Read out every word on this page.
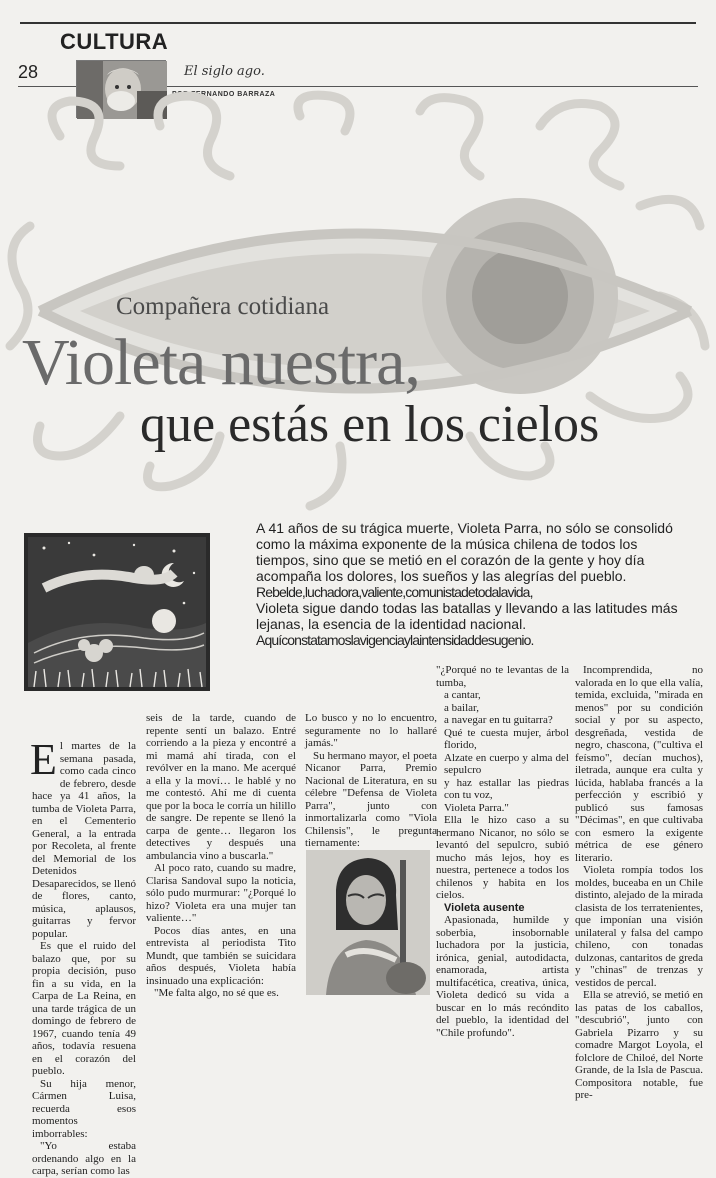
CULTURA
28	El siglo ago.
POR FERNANDO BARRAZA
Compañera cotidiana
Violeta nuestra,
que estás en los cielos

A 41 años de su trágica muerte, Violeta Parra, no sólo se consolidó como la máxima exponente de la música chilena de todos los tiempos, sino que se metió en el corazón de la gente y hoy día acompaña los dolores, los sueños y las alegrías del pueblo.

Rebelde,luchadora,valiente,comunistadetodalavida,

Violeta sigue dando todas las batallas y llevando a las latitudes más lejanas, la esencia de la identidad nacional.

Aquíconstatamoslavigenciaylaintensidaddesugenio.

El martes de la semana pasada, como cada cinco de febrero, desde hace ya 41 años, la tumba de Violeta Parra, en el Cementerio General, a la entrada por Recoleta, al frente del Memorial de los Detenidos Desaparecidos, se llenó de flores, canto, música, aplausos, guitarras y fervor popular.

Es que el ruido del balazo que, por su propia decisión, puso fin a su vida, en la Carpa de La Reina, en una tarde trágica de un domingo de febrero de 1967, cuando tenía 49 años, todavía resuena en el corazón del pueblo.

Su hija menor, Cármen Luisa, recuerda esos momentos imborrables:

"Yo estaba ordenando algo en la carpa, serían como las

seis de la tarde, cuando de repente sentí un balazo. Entré corriendo a la pieza y encontré a mi mamá ahí tirada, con el revólver en la mano. Me acerqué a ella y la moví… le hablé y no me contestó. Ahí me di cuenta que por la boca le corría un hilillo de sangre. De repente se llenó la carpa de gente… llegaron los detectives y después una ambulancia vino a buscarla."

Al poco rato, cuando su madre, Clarisa Sandoval supo la noticia, sólo pudo murmurar: "¿Porqué lo hizo? Violeta era una mujer tan valiente…"

Pocos días antes, en una entrevista al periodista Tito Mundt, que también se suicidara años después, Violeta había insinuado una explicación:

"Me falta algo, no sé que es.

Lo busco y no lo encuentro, seguramente no lo hallaré jamás."

Su hermano mayor, el poeta Nicanor Parra, Premio Nacional de Literatura, en su célebre "Defensa de Violeta Parra", junto con inmortalizarla como "Viola Chilensis", le pregunta tiernamente:

"¿Porqué no te levantas de la tumba,

a cantar,

a bailar,

a navegar en tu guitarra?

Qué te cuesta mujer, árbol florido,

Alzate en cuerpo y alma del sepulcro

y haz estallar las piedras con tu voz,

Violeta Parra."

Ella le hizo caso a su hermano Nicanor, no sólo se levantó del sepulcro, subió mucho más lejos, hoy es nuestra, pertenece a todos los chilenos y habita en los cielos.

Violeta ausente

Apasionada, humilde y soberbia, insobornable luchadora por la justicia, irónica, genial, autodidacta, enamorada, artista multifacética, creativa, única, Violeta dedicó su vida a buscar en lo más recóndito del pueblo, la identidad del "Chile profundo".

Incomprendida, no valorada en lo que ella valía, temida, excluida, "mirada en menos" por su condición social y por su aspecto, desgreñada, vestida de negro, chascona, ("cultiva el feísmo", decían muchos), iletrada, aunque era culta y lúcida, hablaba francés a la perfección y escribió y publicó sus famosas "Décimas", en que cultivaba con esmero la exigente métrica de ese género literario.

Violeta rompía todos los moldes, buceaba en un Chile distinto, alejado de la mirada clasista de los terratenientes, que imponían una visión unilateral y falsa del campo chileno, con tonadas dulzonas, cantaritos de greda y "chinas" de trenzas y vestidos de percal.

Ella se atrevió, se metió en las patas de los caballos, "descubrió", junto con Gabriela Pizarro y su comadre Margot Loyola, el folclore de Chiloé, del Norte Grande, de la Isla de Pascua. Compositora notable, fue pre-
